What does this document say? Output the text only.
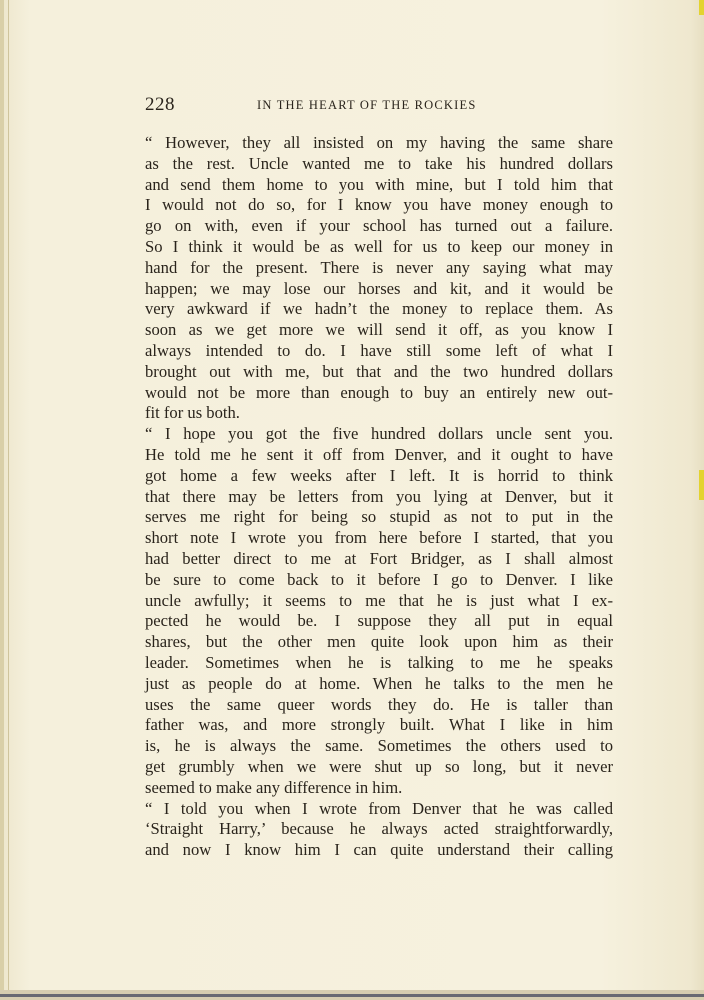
228	IN THE HEART OF THE ROCKIES
“ However, they all insisted on my having the same share
as the rest. Uncle wanted me to take his hundred dollars
and send them home to you with mine, but I told him that
I would not do so, for I know you have money enough to
go on with, even if your school has turned out a failure.
So I think it would be as well for us to keep our money in
hand for the present. There is never any saying what may
happen; we may lose our horses and kit, and it would be
very awkward if we hadn’t the money to replace them. As
soon as we get more we will send it off, as you know I
always intended to do. I have still some left of what I
brought out with me, but that and the two hundred dollars
would not be more than enough to buy an entirely new out-
fit for us both.
“ I hope you got the five hundred dollars uncle sent you.
He told me he sent it off from Denver, and it ought to have
got home a few weeks after I left. It is horrid to think
that there may be letters from you lying at Denver, but it
serves me right for being so stupid as not to put in the
short note I wrote you from here before I started, that you
had better direct to me at Fort Bridger, as I shall almost
be sure to come back to it before I go to Denver. I like
uncle awfully; it seems to me that he is just what I ex-
pected he would be. I suppose they all put in equal
shares, but the other men quite look upon him as their
leader. Sometimes when he is talking to me he speaks
just as people do at home. When he talks to the men he
uses the same queer words they do. He is taller than
father was, and more strongly built. What I like in him
is, he is always the same. Sometimes the others used to
get grumbly when we were shut up so long, but it never
seemed to make any difference in him.
“ I told you when I wrote from Denver that he was called
‘Straight Harry,’ because he always acted straightforwardly,
and now I know him I can quite understand their calling
